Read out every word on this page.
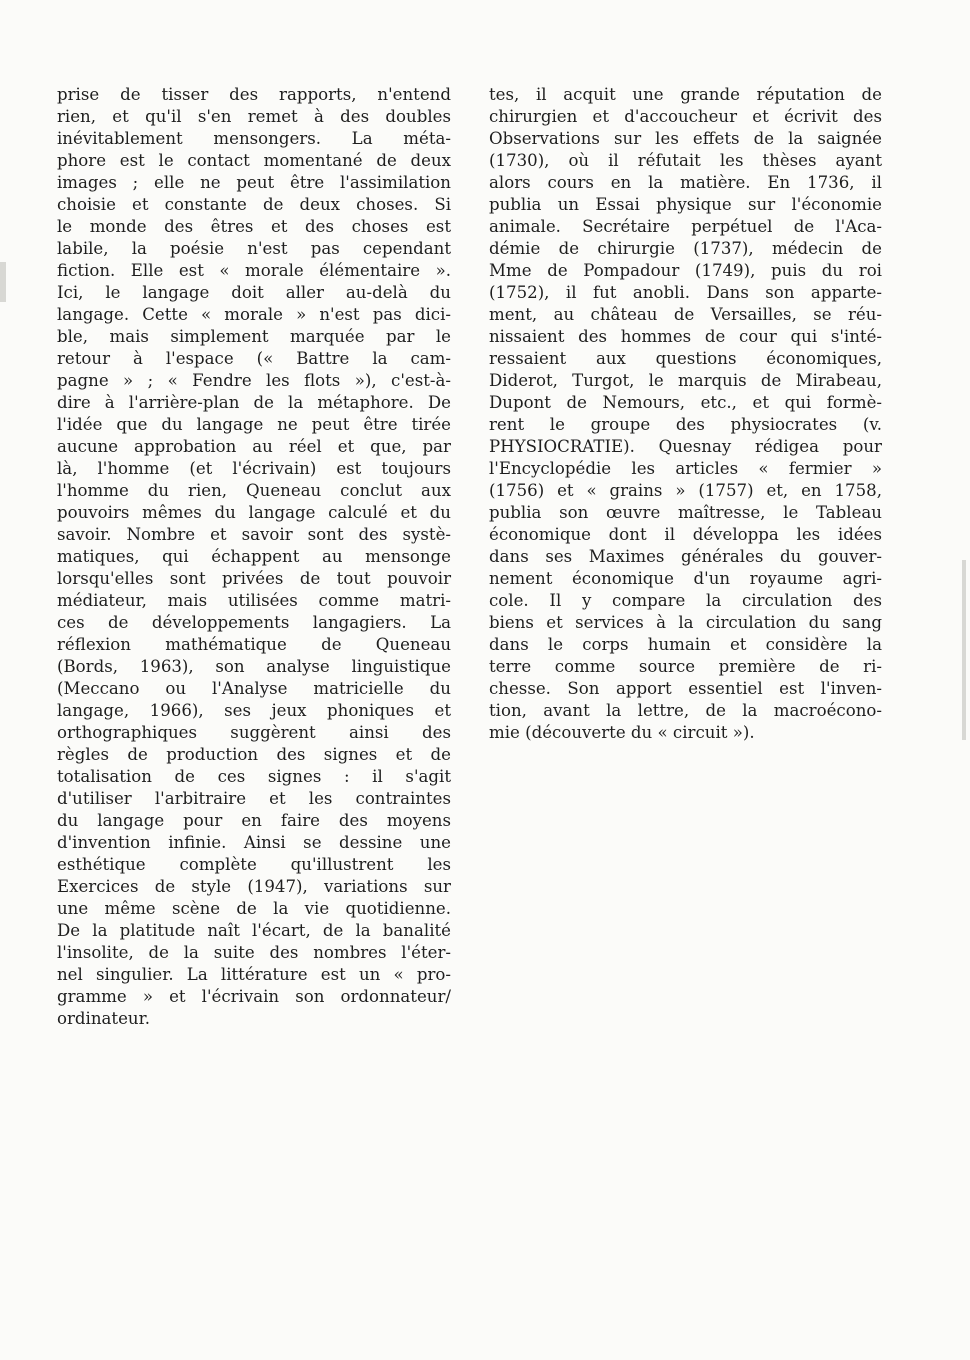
prise de tisser des rapports, n'entend
rien, et qu'il s'en remet à des doubles
inévitablement mensongers. La méta-
phore est le contact momentané de deux
images ; elle ne peut être l'assimilation
choisie et constante de deux choses. Si
le monde des êtres et des choses est
labile, la poésie n'est pas cependant
fiction. Elle est « morale élémentaire ».
Ici, le langage doit aller au-delà du
langage. Cette « morale » n'est pas dici-
ble, mais simplement marquée par le
retour à l'espace (« Battre la cam-
pagne » ; « Fendre les flots »), c'est-à-
dire à l'arrière-plan de la métaphore. De
l'idée que du langage ne peut être tirée
aucune approbation au réel et que, par
là, l'homme (et l'écrivain) est toujours
l'homme du rien, Queneau conclut aux
pouvoirs mêmes du langage calculé et du
savoir. Nombre et savoir sont des systè-
matiques, qui échappent au mensonge
lorsqu'elles sont privées de tout pouvoir
médiateur, mais utilisées comme matri-
ces de développements langagiers. La
réflexion mathématique de Queneau
(Bords, 1963), son analyse linguistique
(Meccano ou l'Analyse matricielle du
langage, 1966), ses jeux phoniques et
orthographiques suggèrent ainsi des
règles de production des signes et de
totalisation de ces signes : il s'agit
d'utiliser l'arbitraire et les contraintes
du langage pour en faire des moyens
d'invention infinie. Ainsi se dessine une
esthétique complète qu'illustrent les
Exercices de style (1947), variations sur
une même scène de la vie quotidienne.
De la platitude naît l'écart, de la banalité
l'insolite, de la suite des nombres l'éter-
nel singulier. La littérature est un « pro-
gramme » et l'écrivain son ordonnateur/
ordinateur.
tes, il acquit une grande réputation de
chirurgien et d'accoucheur et écrivit des
Observations sur les effets de la saignée
(1730), où il réfutait les thèses ayant
alors cours en la matière. En 1736, il
publia un Essai physique sur l'économie
animale. Secrétaire perpétuel de l'Aca-
démie de chirurgie (1737), médecin de
Mme de Pompadour (1749), puis du roi
(1752), il fut anobli. Dans son apparte-
ment, au château de Versailles, se réu-
nissaient des hommes de cour qui s'inté-
ressaient aux questions économiques,
Diderot, Turgot, le marquis de Mirabeau,
Dupont de Nemours, etc., et qui formè-
rent le groupe des physiocrates (v.
PHYSIOCRATIE). Quesnay rédigea pour
l'Encyclopédie les articles « fermier »
(1756) et « grains » (1757) et, en 1758,
publia son œuvre maîtresse, le Tableau
économique dont il développa les idées
dans ses Maximes générales du gouver-
nement économique d'un royaume agri-
cole. Il y compare la circulation des
biens et services à la circulation du sang
dans le corps humain et considère la
terre comme source première de ri-
chesse. Son apport essentiel est l'inven-
tion, avant la lettre, de la macroécono-
mie (découverte du « circuit »).
